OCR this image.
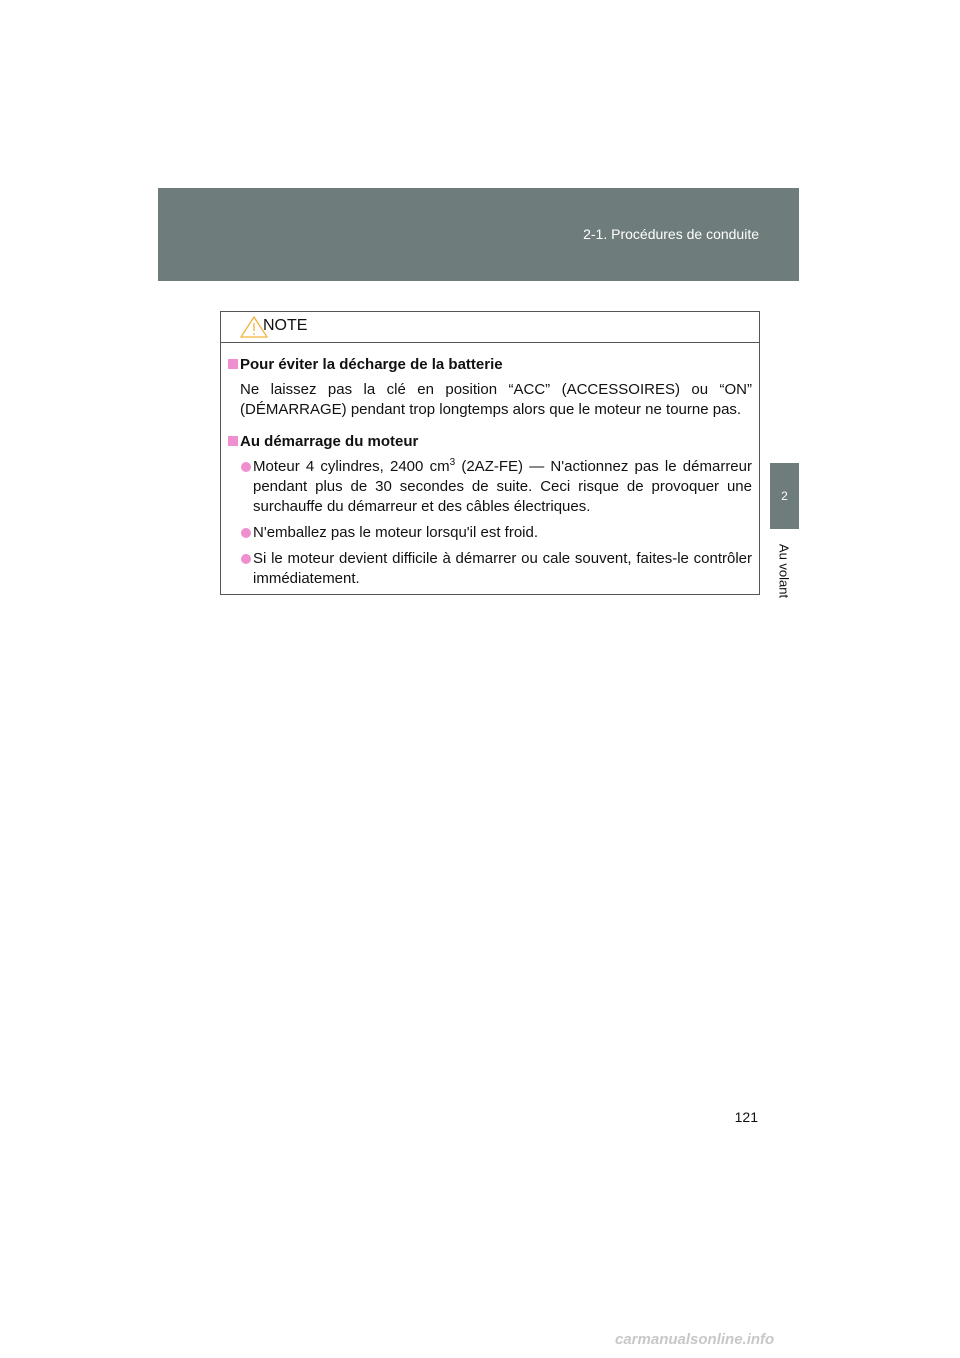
2-1. Procédures de conduite
2
Au volant
NOTE

Pour éviter la décharge de la batterie

Ne laissez pas la clé en position “ACC” (ACCESSOIRES) ou “ON” (DÉMARRAGE) pendant trop longtemps alors que le moteur ne tourne pas.

Au démarrage du moteur

Moteur 4 cylindres, 2400 $cm^3$ (2AZ-FE) — N'actionnez pas le démarreur pendant plus de 30 secondes de suite. Ceci risque de provoquer une surchauffe du démarreur et des câbles électriques.

N'emballez pas le moteur lorsqu'il est froid.

Si le moteur devient difficile à démarrer ou cale souvent, faites-le contrôler immédiatement.

121
carmanualsonline.info
